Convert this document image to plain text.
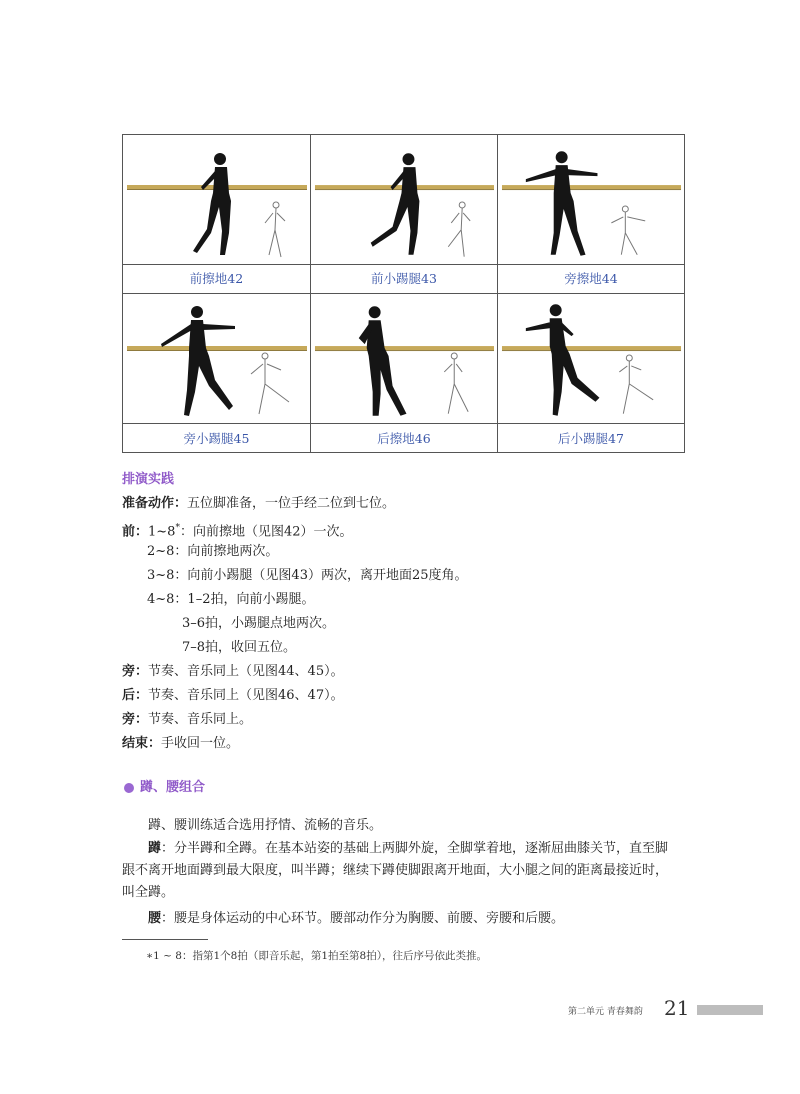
前擦地42	前小踢腿43	旁擦地44
旁小踢腿45	后擦地46	后小踢腿47
排演实践
准备动作：五位脚准备，一位手经二位到七位。
前：1~8*：向前擦地（见图42）一次。
2~8：向前擦地两次。
3~8：向前小踢腿（见图43）两次，离开地面25度角。
4~8：1–2拍，向前小踢腿。
3–6拍，小踢腿点地两次。
7–8拍，收回五位。
旁：节奏、音乐同上（见图44、45）。
后：节奏、音乐同上（见图46、47）。
旁：节奏、音乐同上。
结束：手收回一位。
蹲、腰组合
蹲、腰训练适合选用抒情、流畅的音乐。
蹲：分半蹲和全蹲。在基本站姿的基础上两脚外旋，全脚掌着地，逐渐屈曲膝关节，直至脚
跟不离开地面蹲到最大限度，叫半蹲；继续下蹲使脚跟离开地面，大小腿之间的距离最接近时，
叫全蹲。
腰：腰是身体运动的中心环节。腰部动作分为胸腰、前腰、旁腰和后腰。
∗1 ~ 8：指第1个8拍（即音乐起，第1拍至第8拍），往后序号依此类推。
第二单元 青春舞韵 21
